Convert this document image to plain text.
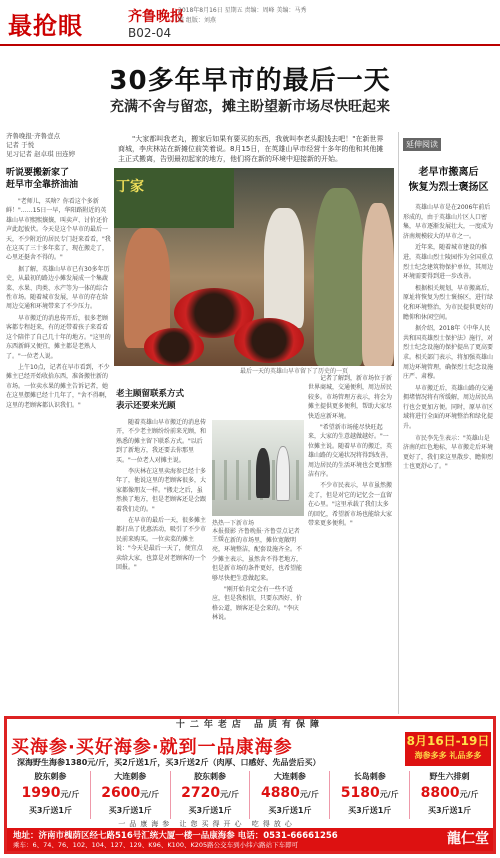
最抢眼	齐鲁晚报
B02-04
2018年8月16日 星期五 责编：周峰 美编：马秀霞 组版：刘燕
30多年早市的最后一天
充满不舍与留恋，摊主盼望新市场尽快旺起来
齐鲁晚报·齐鲁壹点
记者 于悦
见习记者 赵卓琪 田连婷
听说要搬新家了
赶早市全靠挤油油

"老师儿，买啥？你看这个多新鲜！"……15日一早，华阳路附近的英雄山早市熙熙攘攘，叫卖声、讨价还价声此起彼伏。今天是这个早市的最后一天，不少附近的居民专门赶来看看，"我在这买了三十多年菜了，现在搬走了，心里还挺舍不得的。"

据了解，英雄山早市已有30多年历史，从最初的路边小摊发展成一个集蔬菜、水果、肉类、水产等为一体的综合性市场。随着城市发展，早市的存在给周边交通和环境带来了不少压力。

早市搬迁的消息传开后，很多老顾客都专程赶来，有的还带着孩子来看看这个陪伴了自己几十年的地方。"这里的东西新鲜又便宜，摊主都是老熟人了。"一位老人说。

上午10点，记者在早市看到，不少摊主已经开始收拾东西，准备搬往新的市场。一位卖水果的摊主告诉记者，她在这里摆摊已经十几年了，"舍不得啊，这里的老顾客都认识我们。"

"大家都叫我老丸，搬家后如果有要买的东西，我就叫李老头跟钱去吧！"在新世界商城，李庆林站在新摊位前笑着说。8月15日，在英雄山早市经营十多年的他和其他摊主正式搬离，告别最初起家的地方，他们将在新的环境中迎接新的开始。
丁家
最后一天的英雄山早市留下了历史的一页
老主顾留联系方式
表示还要来光顾

随着英雄山早市搬迁的消息传开，不少老主顾纷纷前来光顾，和熟悉的摊主留下联系方式。"以后到了新地方，我还要去你那里买。"一位老人对摊主说。

李庆林在这里卖海参已经十多年了，他说这里的老顾客很多，大家都像朋友一样。"搬走之后，虽然换了地方，但是老顾客还是会跟着我们走的。"

在早市的最后一天，很多摊主都打出了优惠活动，吸引了不少市民前来购买。一位卖菜的摊主说："今天是最后一天了，便宜点卖给大家，也算是对老顾客的一个回报。"

热热一下新市场
本报摄影 齐鲁晚报·齐鲁壹点记者 王媛 在新的市场里，摊位宽敞明亮，环境整洁，配套设施齐全。不少摊主表示，虽然舍不得老地方，但是新市场的条件更好，也希望能够尽快把生意做起来。

"刚开始肯定会有一些不适应，但是我相信，只要东西好、价格公道，顾客还是会来的。"李庆林说。

记者了解到，新市场位于新世界商城，交通便利，周边居民较多。市场管理方表示，将会为摊主提供更多便利，帮助大家尽快适应新环境。

"希望新市场能尽快旺起来，大家的生意越做越好。"一位摊主说。随着早市的搬迁，英雄山路的交通状况将得到改善，周边居民的生活环境也会更加整洁有序。

不少市民表示，早市虽然搬走了，但是对它的记忆会一直留在心里。"这里承载了我们太多的回忆，希望新市场也能给大家带来更多便利。"

延伸阅读
老早市搬离后
恢复为烈士褒扬区

英雄山早市是在2006年前后形成的，由于英雄山片区人口密集，早市逐渐发展壮大，一度成为济南规模较大的早市之一。

近年来，随着城市建设的推进，英雄山烈士陵园作为全国重点烈士纪念建筑物保护单位，其周边环境需要得到进一步改善。

根据相关规划，早市搬离后，原址将恢复为烈士褒扬区，进行绿化和环境整治，为市民提供更好的瞻仰和休闲空间。

据介绍，2018年《中华人民共和国英雄烈士保护法》施行，对烈士纪念设施的保护提出了更高要求。相关部门表示，将加强英雄山周边环境管理，确保烈士纪念设施庄严、肃穆。

早市搬迁后，英雄山路的交通拥堵情况将有所缓解，周边居民出行也会更加方便。同时，原早市区域将进行全面的环境整治和绿化提升。

市民李先生表示："英雄山是济南的红色地标，早市搬走后环境更好了，我们来这里散步、瞻仰烈士也更舒心了。"

十二年老店 品质有保障
买海参·买好海参·就到一品康海参	8月16日-19日
海参多多 礼品多多
深海野生海参1380元/斤，买2斤送1斤，买3斤送2斤（肉厚、口感好、先品尝后买）
胶东刺参
1990元/斤
买3斤送1斤
大连刺参
2600元/斤
买3斤送1斤
胶东刺参
2720元/斤
买3斤送1斤
大连刺参
4880元/斤
买3斤送1斤
长岛刺参
5180元/斤
买3斤送1斤
野生六排刺
8800元/斤
买3斤送1斤
一品康海参 让您买得开心 吃得放心
地址：济南市槐荫区经七路516号汇统大厦一楼一品康海参 电话：0531-66661256
乘车：6、74、76、102、104、127、129、K96、K100、K205路公交车到小纬六路站下车即可	龍仁堂
